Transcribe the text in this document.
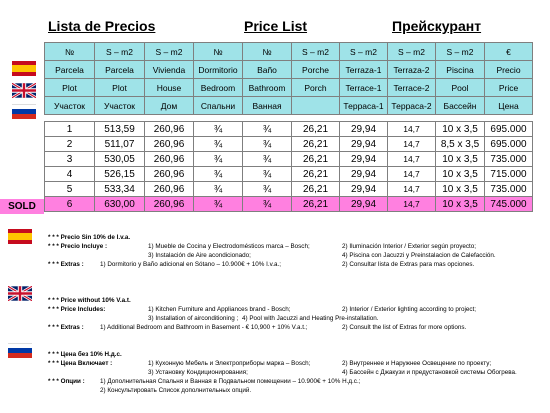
Lista de Precios	Price List	Прейскурант
№	S – m2	S – m2	№	№	S – m2	S – m2	S – m2	S – m2	€
Parcela	Parcela	Vivienda	Dormitorio	Baño	Porche	Terraza-1	Terraza-2	Piscina	Precio
Plot	Plot	House	Bedroom	Bathroom	Porch	Terrace-1	Terrace-2	Pool	Price
Участок	Участок	Дом	Спальни	Ванная		Терраса-1	Терраса-2	Бассейн	Цена

1	513,59	260,96	¾	¾	26,21	29,94	14,7	10 x 3,5	695.000
2	511,07	260,96	¾	¾	26,21	29,94	14,7	8,5 x 3,5	695.000
3	530,05	260,96	¾	¾	26,21	29,94	14,7	10 x 3,5	735.000
4	526,15	260,96	¾	¾	26,21	29,94	14,7	10 x 3,5	715.000
5	533,34	260,96	¾	¾	26,21	29,94	14,7	10 x 3,5	735.000
6	630,00	260,96	¾	¾	26,21	29,94	14,7	10 x 3,5	745.000
SOLD
* * * Precio Sin 10% de I.v.a.
* * * Precio Incluye :	1) Mueble de Cocina y Electrodomésticos marca – Bosch;	2) Iluminación Interior / Exterior según proyecto;
3) Instalación de Aire acondicionado;	4) Piscina con Jacuzzi y Preinstalacion de Calefacción.
* * * Extras :	1) Dormitorio y Baño adicional en Sótano – 10.900€ + 10% I.v.a.;	2) Consultar lista de Extras para mas opciones.
* * * Price without 10% V.a.t.
* * * Price Includes:	1) Kitchen Furniture and Appliances brand - Bosch;	2) Interior / Exterior lighting according to project;
3) Installation of airconditioning ; 4) Pool with Jacuzzi and Heating Pre-installation.
* * * Extras :	1) Additional Bedroom and Bathroom in Basement - € 10,900 + 10% V.a.t.;	2) Consult the list of Extras for more options.
* * * Цена без 10% Н.д.с.
* * * Цена Включает :	1) Кухонную Мебель и Электроприборы марка – Bosch;	2) Внутреннее и Наружнее Освещение по проекту;
3) Установку Кондиционирования;	4) Бассейн с Джакузи и предустановкой системы Обогрева.
* * * Опции : 1) Дополнительная Спальня и Ванная в Подвальном помещении – 10.900€ + 10% Н.д.с.;
2) Консультировать Список дополнительных опций.
